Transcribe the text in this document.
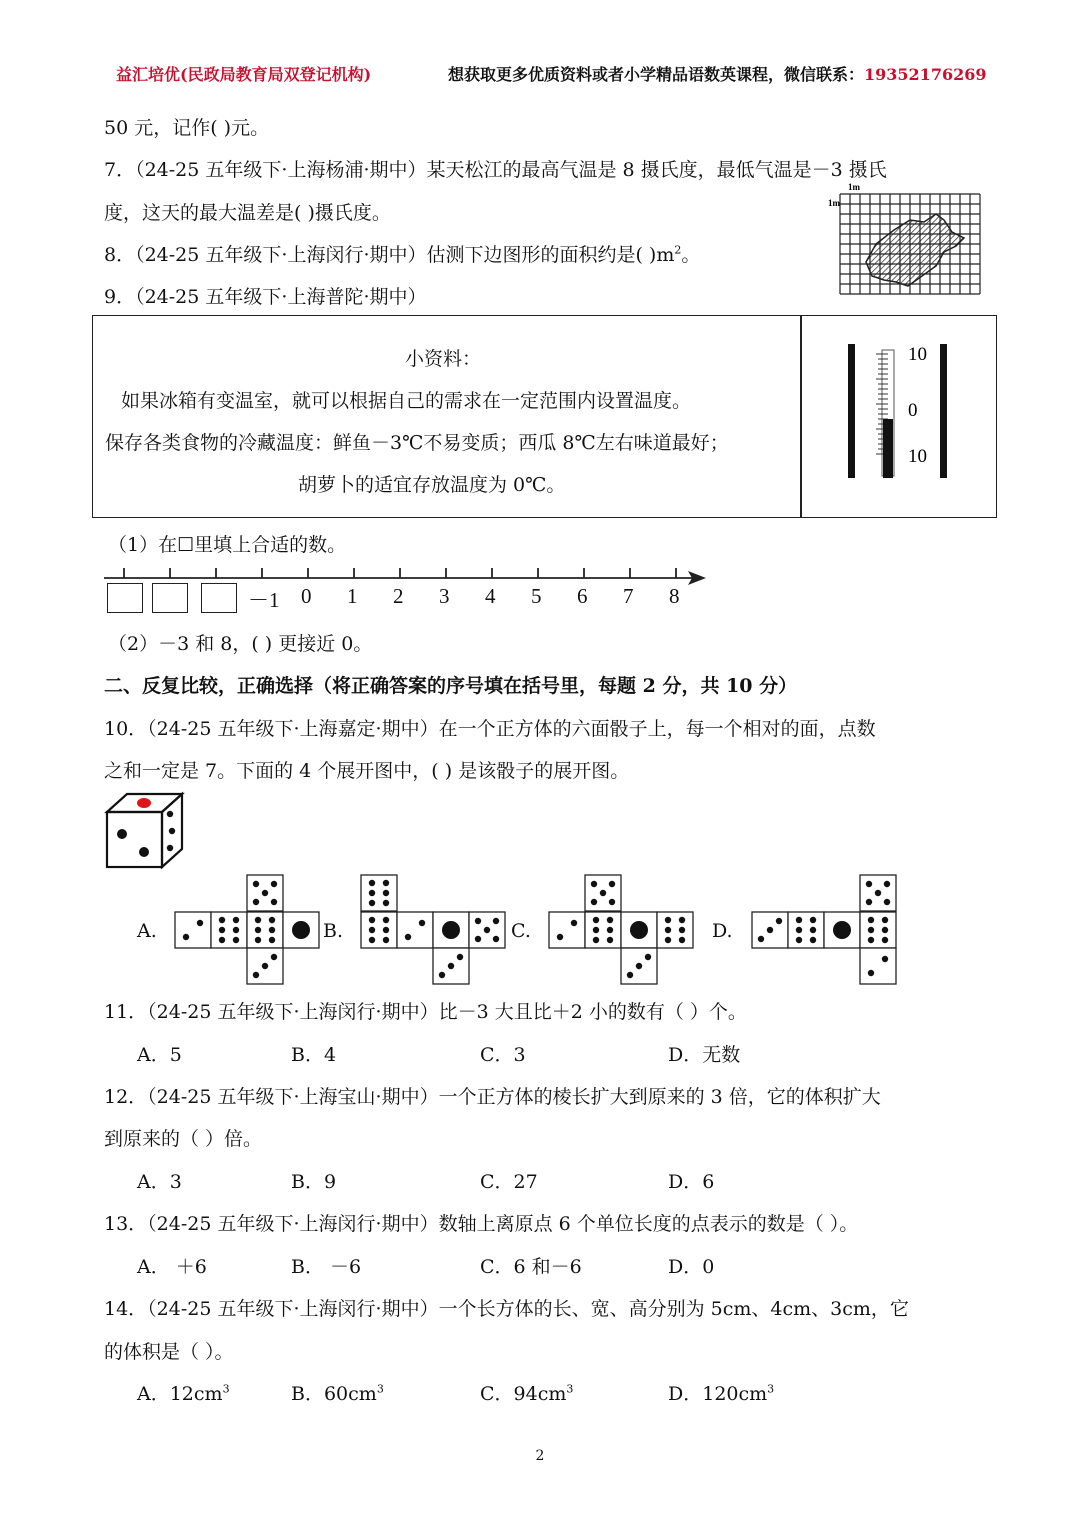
益汇培优(民政局教育局双登记机构)	想获取更多优质资料或者小学精品语数英课程，微信联系：19352176269
50 元，记作( )元。
7．（24-25 五年级下·上海杨浦·期中）某天松江的最高气温是 8 摄氏度，最低气温是－3 摄氏
度，这天的最大温差是( )摄氏度。
8．（24-25 五年级下·上海闵行·期中）估测下边图形的面积约是( )$m^2$。
9．（24-25 五年级下·上海普陀·期中）
1m
1m
小资料：
如果冰箱有变温室，就可以根据自己的需求在一定范围内设置温度。
保存各类食物的冷藏温度：鲜鱼－3℃不易变质；西瓜 8℃左右味道最好；
胡萝卜的适宜存放温度为 0℃。
10
0
10
（1）在☐里填上合适的数。
－1 0 1 2 3 4 5 6 7 8
（2）－3 和 8，( ) 更接近 0。
二、反复比较，正确选择（将正确答案的序号填在括号里，每题 2 分，共 10 分）
10．（24-25 五年级下·上海嘉定·期中）在一个正方体的六面骰子上，每一个相对的面，点数
之和一定是 7。下面的 4 个展开图中，( ) 是该骰子的展开图。
A.	B.	C.	D.
11．（24-25 五年级下·上海闵行·期中）比－3 大且比＋2 小的数有（ ）个。
A．5	B．4	C．3	D．无数
12．（24-25 五年级下·上海宝山·期中）一个正方体的棱长扩大到原来的 3 倍，它的体积扩大
到原来的（ ）倍。
A．3	B．9	C．27	D．6
13．（24-25 五年级下·上海闵行·期中）数轴上离原点 6 个单位长度的点表示的数是（ ）。
A． ＋6	B． －6	C．6 和－6	D．0
14．（24-25 五年级下·上海闵行·期中）一个长方体的长、宽、高分别为 5cm、4cm、3cm，它
的体积是（ ）。
A．$12cm^3$	B．$60cm^3$	C．$94cm^3$	D．$120cm^3$
2
